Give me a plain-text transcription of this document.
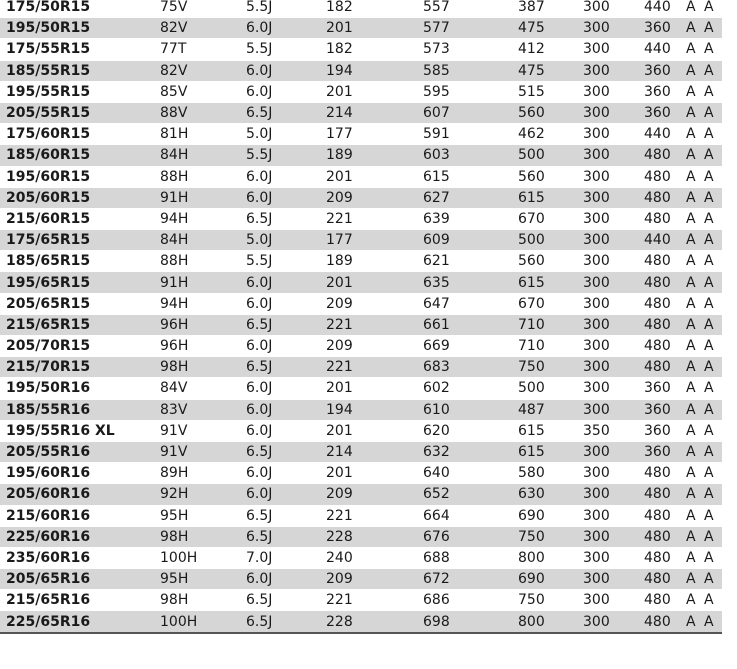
175/50R15	75V	5.5J	182	557	387	300	440	A	A
195/50R15	82V	6.0J	201	577	475	300	360	A	A
175/55R15	77T	5.5J	182	573	412	300	440	A	A
185/55R15	82V	6.0J	194	585	475	300	360	A	A
195/55R15	85V	6.0J	201	595	515	300	360	A	A
205/55R15	88V	6.5J	214	607	560	300	360	A	A
175/60R15	81H	5.0J	177	591	462	300	440	A	A
185/60R15	84H	5.5J	189	603	500	300	480	A	A
195/60R15	88H	6.0J	201	615	560	300	480	A	A
205/60R15	91H	6.0J	209	627	615	300	480	A	A
215/60R15	94H	6.5J	221	639	670	300	480	A	A
175/65R15	84H	5.0J	177	609	500	300	440	A	A
185/65R15	88H	5.5J	189	621	560	300	480	A	A
195/65R15	91H	6.0J	201	635	615	300	480	A	A
205/65R15	94H	6.0J	209	647	670	300	480	A	A
215/65R15	96H	6.5J	221	661	710	300	480	A	A
205/70R15	96H	6.0J	209	669	710	300	480	A	A
215/70R15	98H	6.5J	221	683	750	300	480	A	A
195/50R16	84V	6.0J	201	602	500	300	360	A	A
185/55R16	83V	6.0J	194	610	487	300	360	A	A
195/55R16 XL	91V	6.0J	201	620	615	350	360	A	A
205/55R16	91V	6.5J	214	632	615	300	360	A	A
195/60R16	89H	6.0J	201	640	580	300	480	A	A
205/60R16	92H	6.0J	209	652	630	300	480	A	A
215/60R16	95H	6.5J	221	664	690	300	480	A	A
225/60R16	98H	6.5J	228	676	750	300	480	A	A
235/60R16	100H	7.0J	240	688	800	300	480	A	A
205/65R16	95H	6.0J	209	672	690	300	480	A	A
215/65R16	98H	6.5J	221	686	750	300	480	A	A
225/65R16	100H	6.5J	228	698	800	300	480	A	A
